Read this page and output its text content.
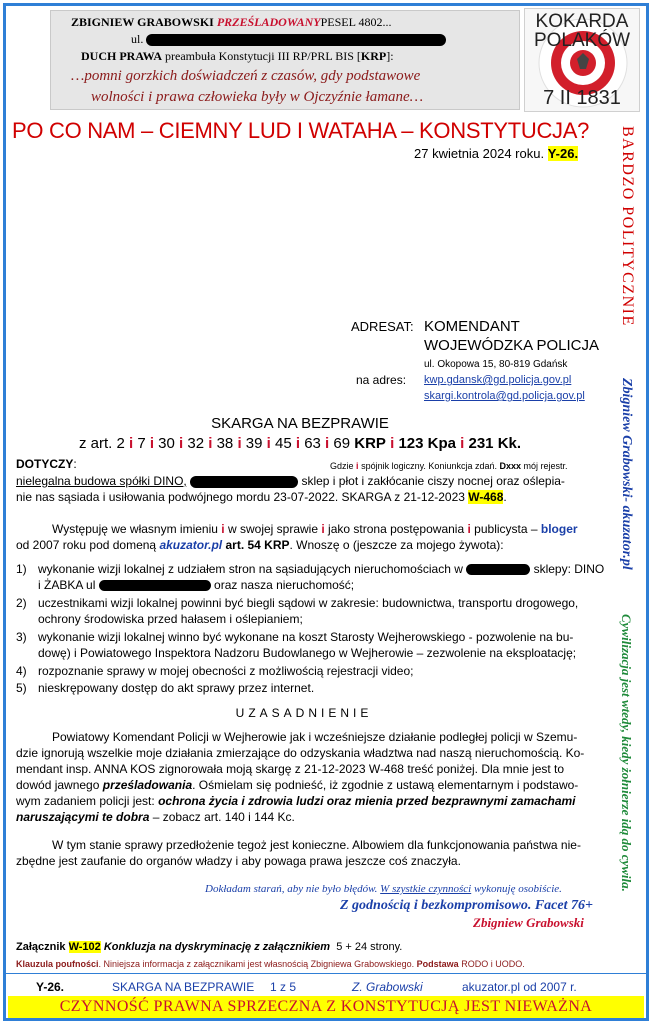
ZBIGNIEW GRABOWSKI PRZEŚLADOWANYPESEL 4802...
ul.
DUCH PRAWA preambuła Konstytucji III RP/PRL BIS [KRP]:
…pomni gorzkich doświadczeń z czasów, gdy podstawowe
wolności i prawa człowieka były w Ojczyźnie łamane…
KOKARDA
POLAKÓW
7 II 1831
PO CO NAM – CIEMNY LUD I WATAHA – KONSTYTUCJA?
27 kwietnia 2024 roku. Y-26.	BARDZO POLITYCZNIE
Zbigniew Grabowski- akuzator.pl
Cywilizacja jest wtedy, kiedy żołnierze idą do cywila.
ADRESAT: KOMENDANT
WOJEWÓDZKA POLICJA
ul. Okopowa 15, 80-819 Gdańsk
na adres: kwp.gdansk@gd.policja.gov.pl
skargi.kontrola@gd.policja.gov.pl
SKARGA NA BEZPRAWIE
z art. 2 i 7 i 30 i 32 i 38 i 39 i 45 i 63 i 69 KRP i 123 Kpa i 231 Kk.
DOTYCZY:	Gdzie i spójnik logiczny. Koniunkcja zdań. Dxxx mój rejestr.
nielegalna budowa spółki DINO,	sklep i płot i zakłócanie ciszy nocnej oraz oślepia-
nie nas sąsiada i usiłowania podwójnego mordu 23-07-2022. SKARGA z 21-12-2023 W-468.
Występuję we własnym imieniu i w swojej sprawie i jako strona postępowania i publicysta – bloger
od 2007 roku pod domeną akuzator.pl art. 54 KRP. Wnoszę o (jeszcze za mojego żywota):
1) wykonanie wizji lokalnej z udziałem stron na sąsiadujących nieruchomościach w	sklepy: DINO
i ŻABKA ul	oraz nasza nieruchomość;
2) uczestnikami wizji lokalnej powinni być biegli sądowi w zakresie: budownictwa, transportu drogowego,
ochrony środowiska przed hałasem i oślepianiem;
3) wykonanie wizji lokalnej winno być wykonane na koszt Starosty Wejherowskiego - pozwolenie na bu-
dowę) i Powiatowego Inspektora Nadzoru Budowlanego w Wejherowie – zezwolenie na eksploatację;
4) rozpoznanie sprawy w mojej obecności z możliwością rejestracji video;
5) nieskrępowany dostęp do akt sprawy przez internet.
UZASADNIENIE
Powiatowy Komendant Policji w Wejherowie jak i wcześniejsze działanie podległej policji w Szemu-
dzie ignorują wszelkie moje działania zmierzające do odzyskania władztwa nad naszą nieruchomością. Ko-
mendant insp. ANNA KOS zignorowała moją skargę z 21-12-2023 W-468 treść poniżej. Dla mnie jest to
dowód jawnego prześladowania. Ośmielam się podnieść, iż zgodnie z ustawą elementarnym i podstawo-
wym zadaniem policji jest: ochrona życia i zdrowia ludzi oraz mienia przed bezprawnymi zamachami
naruszającymi te dobra – zobacz art. 140 i 144 Kc.
W tym stanie sprawy przedłożenie tegoż jest konieczne. Albowiem dla funkcjonowania państwa nie-
zbędne jest zaufanie do organów władzy i aby powaga prawa jeszcze coś znaczyła.
Dokładam starań, aby nie było błędów. W szystkie czynności wykonuję osobiście.
Z godnością i bezkompromisowo. Facet 76+
Zbigniew Grabowski
Załącznik W-102 Konkluzja na dyskryminację z załącznikiem 5 + 24 strony.
Klauzula poufności. Niniejsza informacja z załącznikami jest własnością Zbigniewa Grabowskiego. Podstawa RODO i UODO.
Y-26.	SKARGA NA BEZPRAWIE 1 z 5	Z. Grabowski	akuzator.pl od 2007 r.
CZYNNOŚĆ PRAWNA SPRZECZNA Z KONSTYTUCJĄ JEST NIEWAŻNA
